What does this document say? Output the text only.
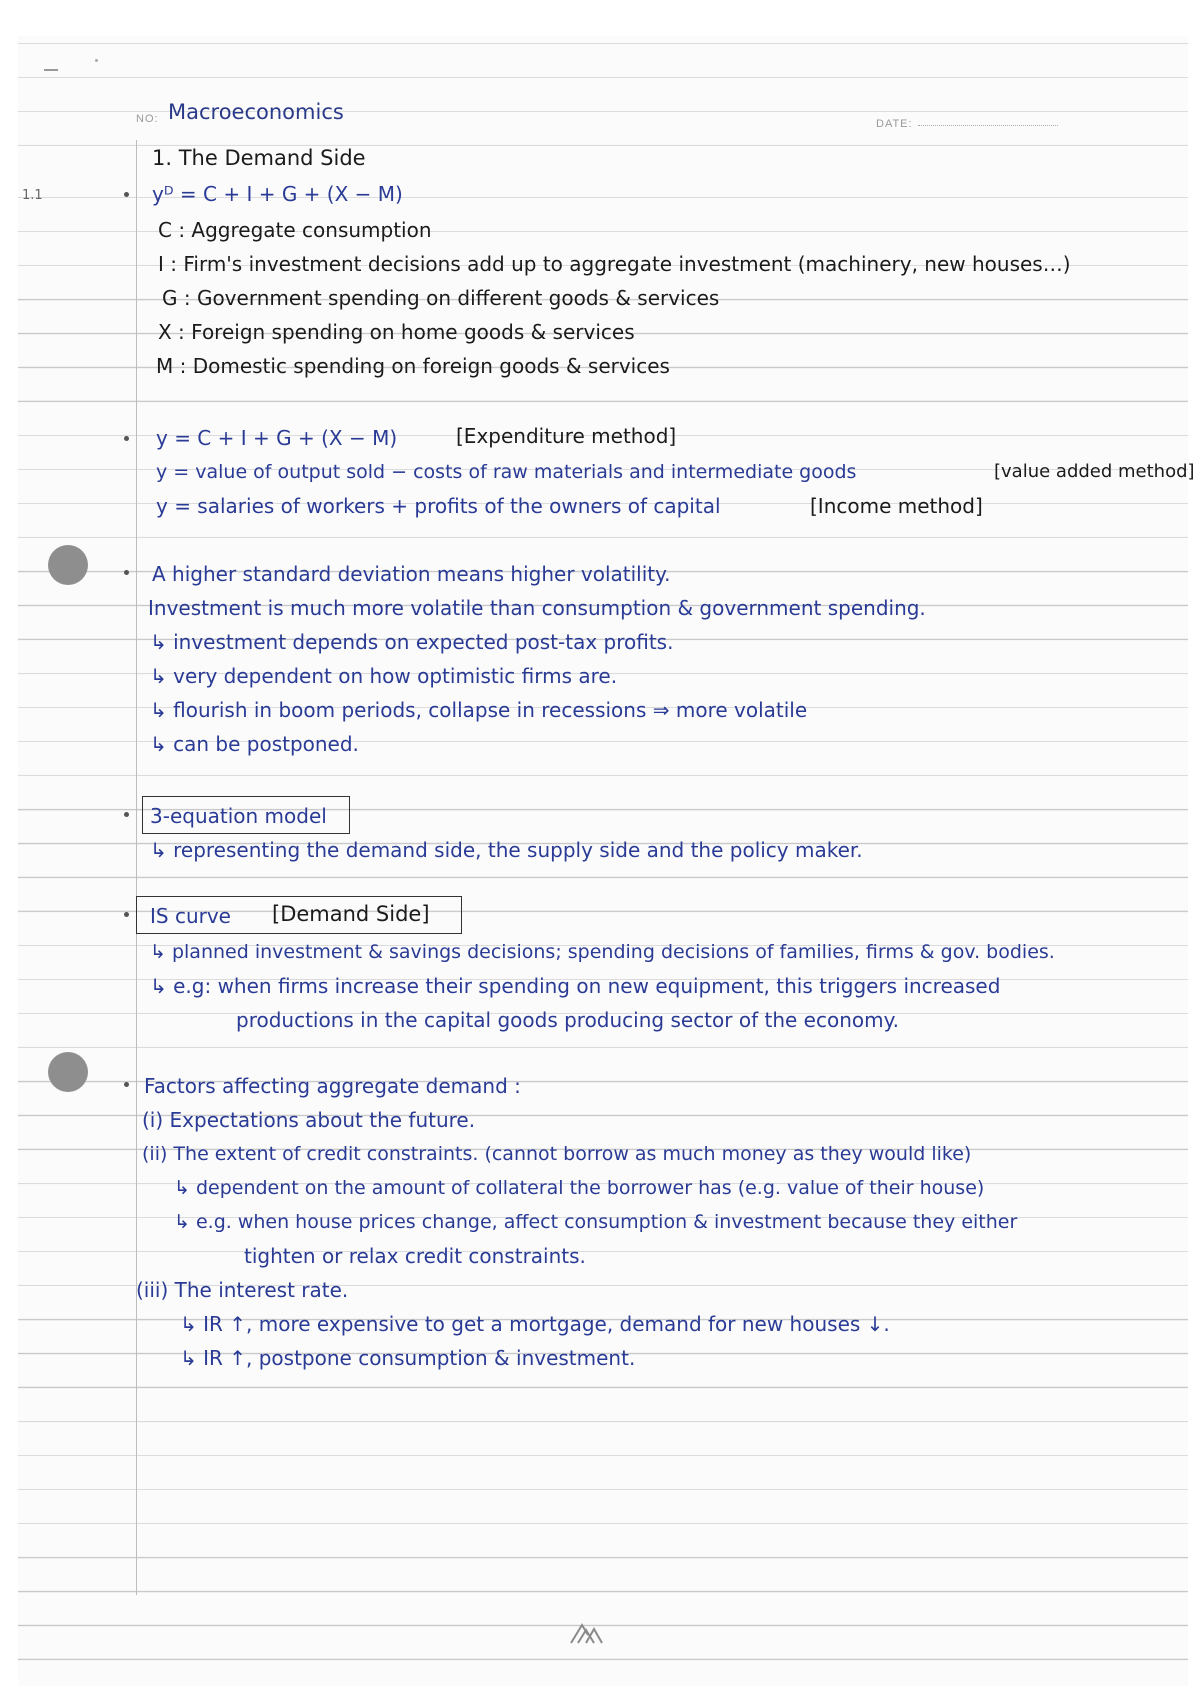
NO:	DATE:
1.1
Macroeconomics
1. The Demand Side
yᴰ = C + I + G + (X − M)
C : Aggregate consumption
I : Firm's investment decisions add up to aggregate investment (machinery, new houses…)
G : Government spending on different goods & services
X : Foreign spending on home goods & services
M : Domestic spending on foreign goods & services
y = C + I + G + (X − M)	[Expenditure method]
y = value of output sold − costs of raw materials and intermediate goods	[value added method]
y = salaries of workers + profits of the owners of capital	[Income method]
A higher standard deviation means higher volatility.
Investment is much more volatile than consumption & government spending.
↳ investment depends on expected post-tax profits.
↳ very dependent on how optimistic firms are.
↳ flourish in boom periods, collapse in recessions ⇒ more volatile
↳ can be postponed.
3-equation model
↳ representing the demand side, the supply side and the policy maker.
IS curve [Demand Side]
↳ planned investment & savings decisions; spending decisions of families, firms & gov. bodies.
↳ e.g: when firms increase their spending on new equipment, this triggers increased
productions in the capital goods producing sector of the economy.
Factors affecting aggregate demand :
(i) Expectations about the future.
(ii) The extent of credit constraints. (cannot borrow as much money as they would like)
↳ dependent on the amount of collateral the borrower has (e.g. value of their house)
↳ e.g. when house prices change, affect consumption & investment because they either
tighten or relax credit constraints.
(iii) The interest rate.
↳ IR ↑, more expensive to get a mortgage, demand for new houses ↓.
↳ IR ↑, postpone consumption & investment.
